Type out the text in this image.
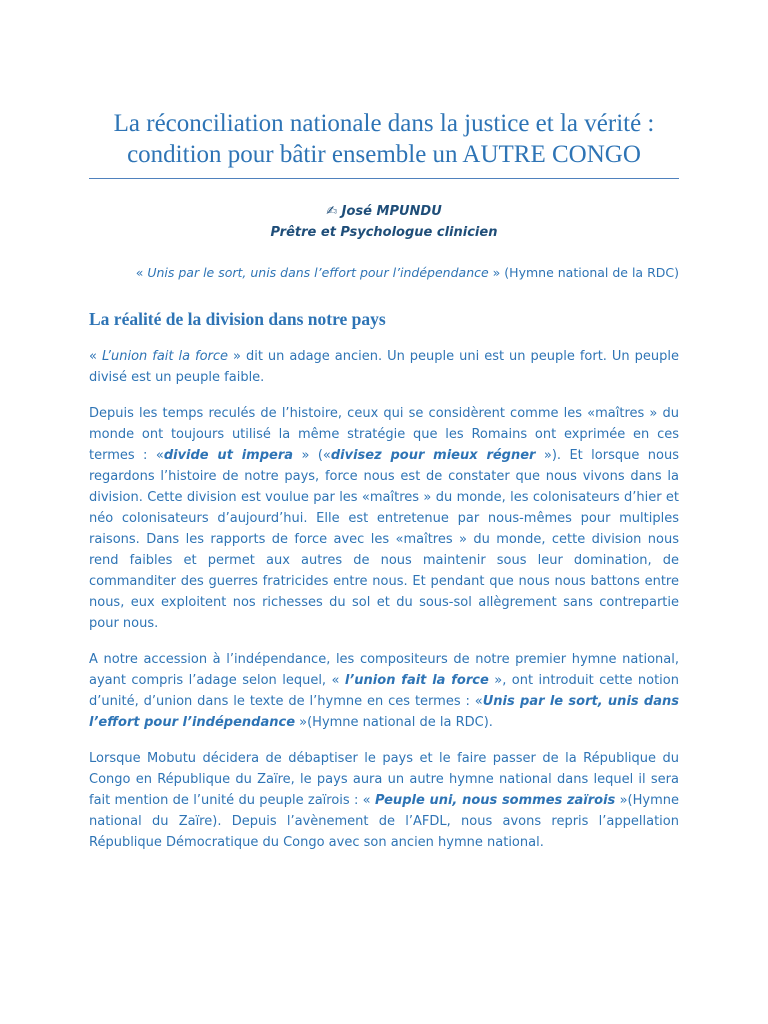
La réconciliation nationale dans la justice et la vérité :
condition pour bâtir ensemble un AUTRE CONGO
✍ José MPUNDU
Prêtre et Psychologue clinicien
« Unis par le sort, unis dans l’effort pour l’indépendance » (Hymne national de la RDC)
La réalité de la division dans notre pays

« L’union fait la force » dit un adage ancien. Un peuple uni est un peuple fort. Un peuple divisé est un peuple faible.

Depuis les temps reculés de l’histoire, ceux qui se considèrent comme les «maîtres » du monde ont toujours utilisé la même stratégie que les Romains ont exprimée en ces termes : «divide ut impera » («divisez pour mieux régner »). Et lorsque nous regardons l’histoire de notre pays, force nous est de constater que nous vivons dans la division. Cette division est voulue par les «maîtres » du monde, les colonisateurs d’hier et néo colonisateurs d’aujourd’hui. Elle est entretenue par nous-mêmes pour multiples raisons. Dans les rapports de force avec les «maîtres » du monde, cette division nous rend faibles et permet aux autres de nous maintenir sous leur domination, de commanditer des guerres fratricides entre nous. Et pendant que nous nous battons entre nous, eux exploitent nos richesses du sol et du sous-sol allègrement sans contrepartie pour nous.

A notre accession à l’indépendance, les compositeurs de notre premier hymne national, ayant compris l’adage selon lequel, « l’union fait la force », ont introduit cette notion d’unité, d’union dans le texte de l’hymne en ces termes : «Unis par le sort, unis dans l’effort pour l’indépendance »(Hymne national de la RDC).

Lorsque Mobutu décidera de débaptiser le pays et le faire passer de la République du Congo en République du Zaïre, le pays aura un autre hymne national dans lequel il sera fait mention de l’unité du peuple zaïrois : « Peuple uni, nous sommes zaïrois »(Hymne national du Zaïre). Depuis l’avènement de l’AFDL, nous avons repris l’appellation République Démocratique du Congo avec son ancien hymne national.
